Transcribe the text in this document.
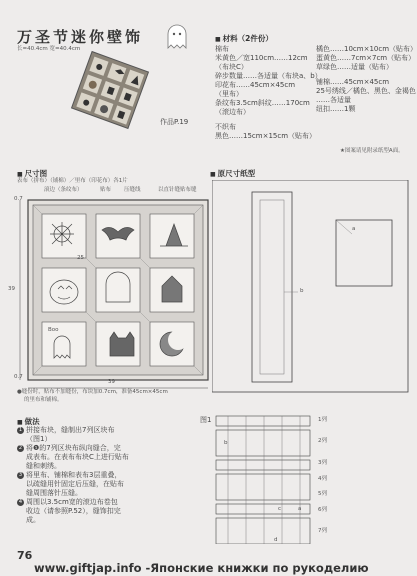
万圣节迷你壁饰
长=40.4cm 宽=40.4cm
作品P.19
■ 材料（2件份）
棉布
米黄色／宽110cm……12cm
（布块C）
碎步数量……各适量（布块a、b）
印花布……45cm×45cm
（里布）
条纹布3.5cm斜纹……170cm
（滚边布）
不织布
黑色……15cm×15cm（贴布）
橘色……10cm×10cm（贴布）
蛋黄色……7cm×7cm（贴布）
草绿色……适量（贴布）
铺棉……45cm×45cm
25号绣线／橘色、黑色、金褐色
……各适量
纽扣……1颗
★图案请见附录纸型A面。
■ 尺寸图
表布（拼布）（铺棉）／里布（印花布）各1片
滚边（条纹布）	贴布 压缝线	以直针缝贴布缝
25
Boo
0.7
0.7
39
39
●缝份时，贴布不加缝份，布块加0.7cm，准备45cm×45cm
的里布和铺棉。
■ 原尺寸纸型
a
b
■ 做法
1 拼接布块，缝制出7列区块布
（图1）
2 将❶的7列区块布纵向缝合，完
成表布。在表布布块C上进行贴布
缝和刺绣。
3 将里布、铺棉和表布3层重叠，
以疏缝用针固定后压缝，在贴布
缝周围落针压缝。
4 周围以3.5cm宽的滚边布卷包
收边（请参照P.52），缝饰扣完
成。
图1	1列
2列
3列
4列
5列
6列
7列
b
c	a
d
76
www.giftjap.info -Японские книжки по рукоделию
